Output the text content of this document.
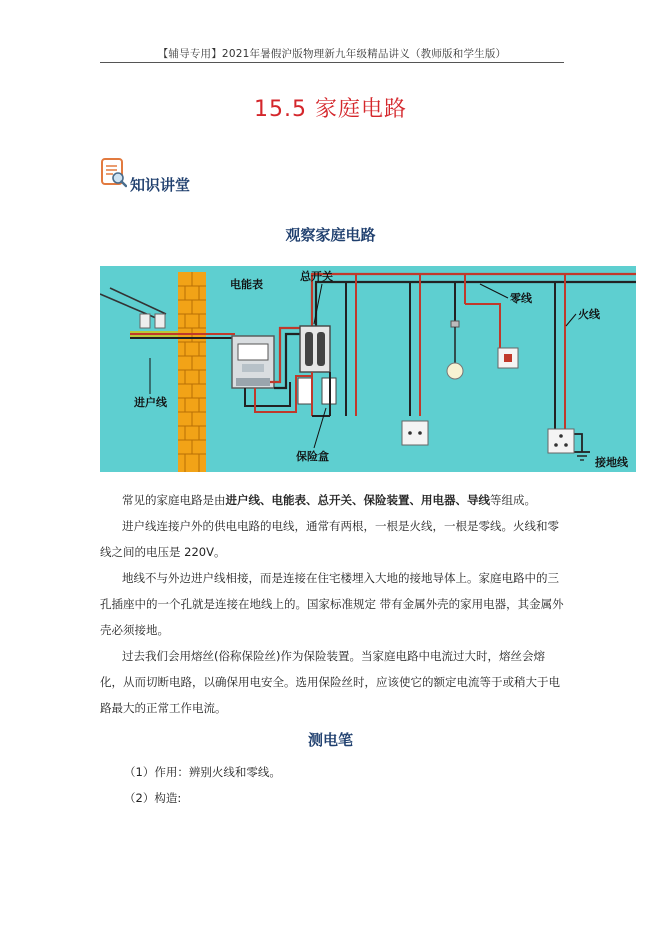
【辅导专用】2021年暑假沪版物理新九年级精品讲义（教师版和学生版）
15.5 家庭电路
知识讲堂
观察家庭电路
电能表
总开关
零线
火线
进户线
保险盒	接地线

常见的家庭电路是由进户线、电能表、总开关、保险装置、用电器、导线等组成。

进户线连接户外的供电电路的电线，通常有两根，一根是火线，一根是零线。火线和零线之间的电压是 220V。

地线不与外边进户线相接，而是连接在住宅楼埋入大地的接地导体上。家庭电路中的三孔插座中的一个孔就是连接在地线上的。国家标准规定 带有金属外壳的家用电器，其金属外壳必须接地。

过去我们会用熔丝(俗称保险丝)作为保险装置。当家庭电路中电流过大时，熔丝会熔化，从而切断电路，以确保用电安全。选用保险丝时，应该使它的额定电流等于或稍大于电路最大的正常工作电流。

测电笔
（1）作用：辨别火线和零线。
（2）构造:
